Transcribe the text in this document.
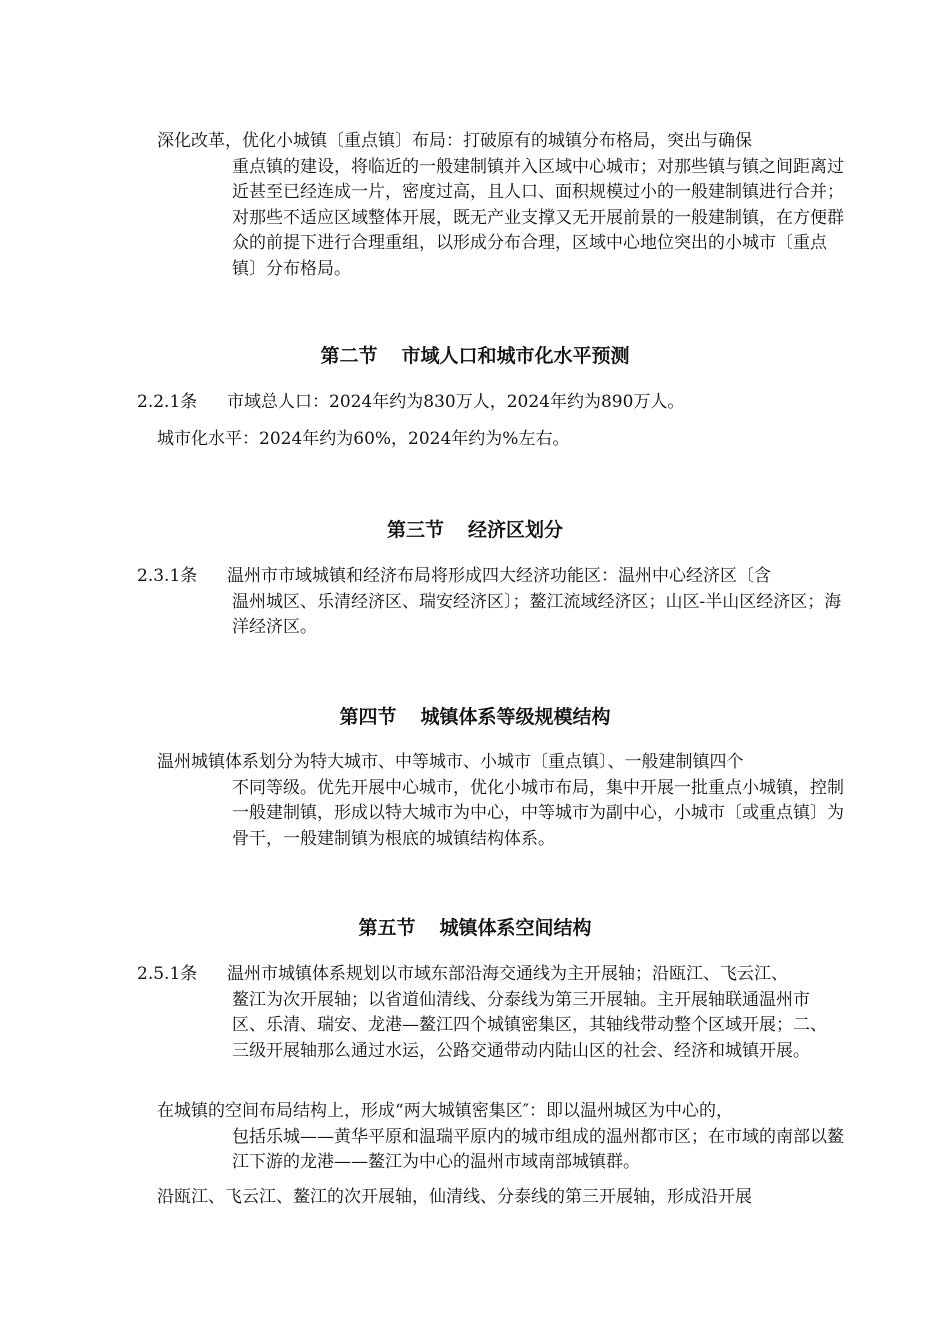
深化改革，优化小城镇〔重点镇〕布局：打破原有的城镇分布格局，突出与确保
重点镇的建设，将临近的一般建制镇并入区域中心城市；对那些镇与镇之间距离过近甚至已经连成一片，密度过高，且人口、面积规模过小的一般建制镇进行合并；对那些不适应区域整体开展，既无产业支撑又无开展前景的一般建制镇，在方便群众的前提下进行合理重组，以形成分布合理，区域中心地位突出的小城市〔重点镇〕分布格局。
第二节 市域人口和城市化水平预测
2.2.1条 市域总人口：2024年约为830万人，2024年约为890万人。
城市化水平：2024年约为60%，2024年约为%左右。
第三节 经济区划分
2.3.1条 温州市市域城镇和经济布局将形成四大经济功能区：温州中心经济区〔含
温州城区、乐清经济区、瑞安经济区〕；鳌江流域经济区；山区-半山区经济区；海洋经济区。
第四节 城镇体系等级规模结构
温州城镇体系划分为特大城市、中等城市、小城市〔重点镇〕、一般建制镇四个
不同等级。优先开展中心城市，优化小城市布局，集中开展一批重点小城镇，控制一般建制镇，形成以特大城市为中心，中等城市为副中心，小城市〔或重点镇〕为骨干，一般建制镇为根底的城镇结构体系。
第五节 城镇体系空间结构
2.5.1条 温州市城镇体系规划以市域东部沿海交通线为主开展轴；沿瓯江、飞云江、
鳌江为次开展轴；以省道仙清线、分泰线为第三开展轴。主开展轴联通温州市区、乐清、瑞安、龙港—鳌江四个城镇密集区，其轴线带动整个区域开展；二、三级开展轴那么通过水运，公路交通带动内陆山区的社会、经济和城镇开展。
在城镇的空间布局结构上，形成“两大城镇密集区″：即以温州城区为中心的，
包括乐城——黄华平原和温瑞平原内的城市组成的温州都市区；在市域的南部以鳌江下游的龙港——鳌江为中心的温州市域南部城镇群。
沿瓯江、飞云江、鳌江的次开展轴，仙清线、分泰线的第三开展轴，形成沿开展
